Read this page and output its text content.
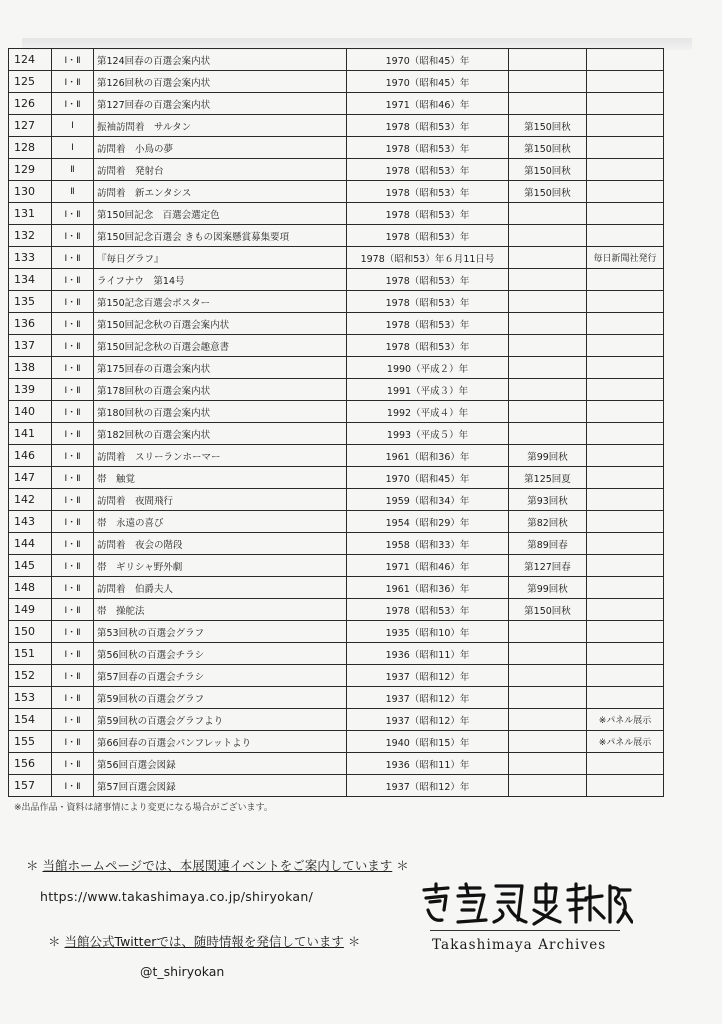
124	Ⅰ・Ⅱ	第124回春の百選会案内状	1970（昭和45）年		
125	Ⅰ・Ⅱ	第126回秋の百選会案内状	1970（昭和45）年		
126	Ⅰ・Ⅱ	第127回春の百選会案内状	1971（昭和46）年		
127	Ⅰ	振袖訪問着　サルタン	1978（昭和53）年	第150回秋	
128	Ⅰ	訪問着　小鳥の夢	1978（昭和53）年	第150回秋	
129	Ⅱ	訪問着　発射台	1978（昭和53）年	第150回秋	
130	Ⅱ	訪問着　新エンタシス	1978（昭和53）年	第150回秋	
131	Ⅰ・Ⅱ	第150回記念　百選会選定色	1978（昭和53）年		
132	Ⅰ・Ⅱ	第150回記念百選会 きもの図案懸賞募集要項	1978（昭和53）年		
133	Ⅰ・Ⅱ	『毎日グラフ』	1978（昭和53）年６月11日号		毎日新聞社発行
134	Ⅰ・Ⅱ	ライフナウ　第14号	1978（昭和53）年		
135	Ⅰ・Ⅱ	第150記念百選会ポスター	1978（昭和53）年		
136	Ⅰ・Ⅱ	第150回記念秋の百選会案内状	1978（昭和53）年		
137	Ⅰ・Ⅱ	第150回記念秋の百選会趣意書	1978（昭和53）年		
138	Ⅰ・Ⅱ	第175回春の百選会案内状	1990（平成２）年		
139	Ⅰ・Ⅱ	第178回秋の百選会案内状	1991（平成３）年		
140	Ⅰ・Ⅱ	第180回秋の百選会案内状	1992（平成４）年		
141	Ⅰ・Ⅱ	第182回秋の百選会案内状	1993（平成５）年		
146	Ⅰ・Ⅱ	訪問着　スリーランホーマー	1961（昭和36）年	第99回秋	
147	Ⅰ・Ⅱ	帯　触覚	1970（昭和45）年	第125回夏	
142	Ⅰ・Ⅱ	訪問着　夜間飛行	1959（昭和34）年	第93回秋	
143	Ⅰ・Ⅱ	帯　永遠の喜び	1954（昭和29）年	第82回秋	
144	Ⅰ・Ⅱ	訪問着　夜会の階段	1958（昭和33）年	第89回春	
145	Ⅰ・Ⅱ	帯　ギリシャ野外劇	1971（昭和46）年	第127回春	
148	Ⅰ・Ⅱ	訪問着　伯爵夫人	1961（昭和36）年	第99回秋	
149	Ⅰ・Ⅱ	帯　操舵法	1978（昭和53）年	第150回秋	
150	Ⅰ・Ⅱ	第53回秋の百選会グラフ	1935（昭和10）年		
151	Ⅰ・Ⅱ	第56回秋の百選会チラシ	1936（昭和11）年		
152	Ⅰ・Ⅱ	第57回春の百選会チラシ	1937（昭和12）年		
153	Ⅰ・Ⅱ	第59回秋の百選会グラフ	1937（昭和12）年		
154	Ⅰ・Ⅱ	第59回秋の百選会グラフより	1937（昭和12）年		※パネル展示
155	Ⅰ・Ⅱ	第66回春の百選会パンフレットより	1940（昭和15）年		※パネル展示
156	Ⅰ・Ⅱ	第56回百選会図録	1936（昭和11）年		
157	Ⅰ・Ⅱ	第57回百選会図録	1937（昭和12）年		
※出品作品・資料は諸事情により変更になる場合がございます。
＊ 当館ホームページでは、本展関連イベントをご案内しています ＊
https://www.takashimaya.co.jp/shiryokan/
＊ 当館公式Twitterでは、随時情報を発信しています ＊
@t_shiryokan
Takashimaya Archives
